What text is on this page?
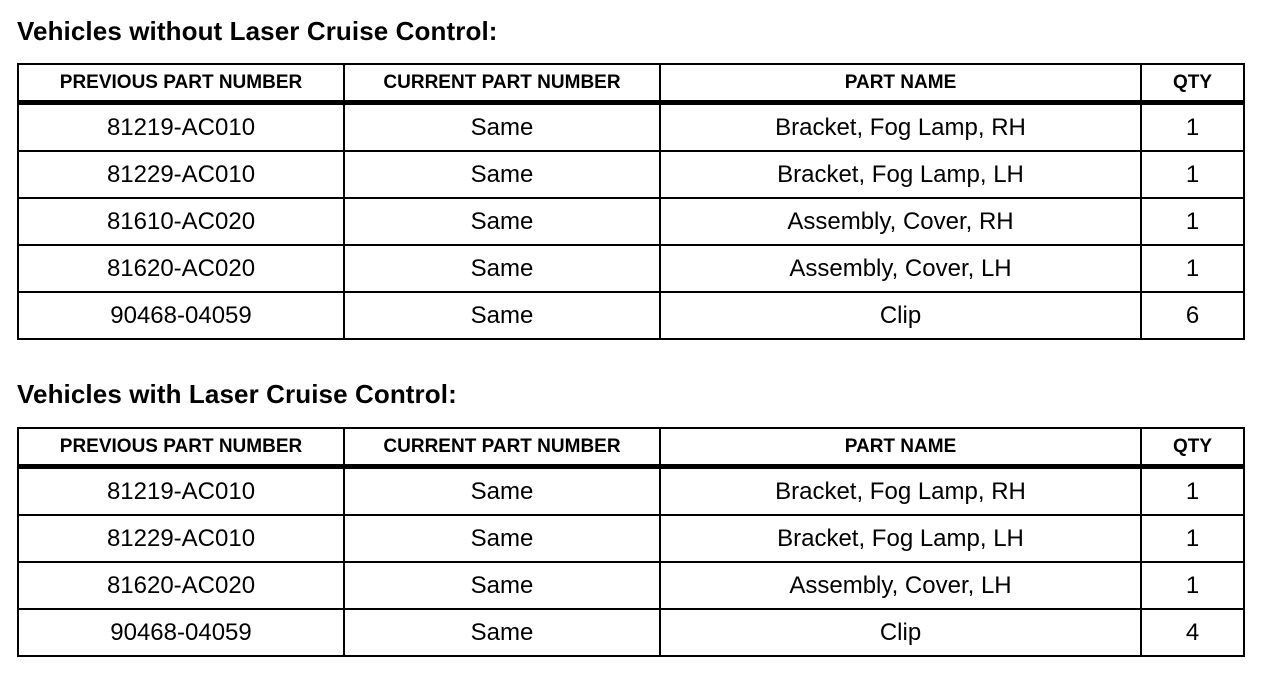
Vehicles without Laser Cruise Control:
PREVIOUS PART NUMBER	CURRENT PART NUMBER	PART NAME	QTY
81219-AC010	Same	Bracket, Fog Lamp, RH	1
81229-AC010	Same	Bracket, Fog Lamp, LH	1
81610-AC020	Same	Assembly, Cover, RH	1
81620-AC020	Same	Assembly, Cover, LH	1
90468-04059	Same	Clip	6
Vehicles with Laser Cruise Control:
PREVIOUS PART NUMBER	CURRENT PART NUMBER	PART NAME	QTY
81219-AC010	Same	Bracket, Fog Lamp, RH	1
81229-AC010	Same	Bracket, Fog Lamp, LH	1
81620-AC020	Same	Assembly, Cover, LH	1
90468-04059	Same	Clip	4
